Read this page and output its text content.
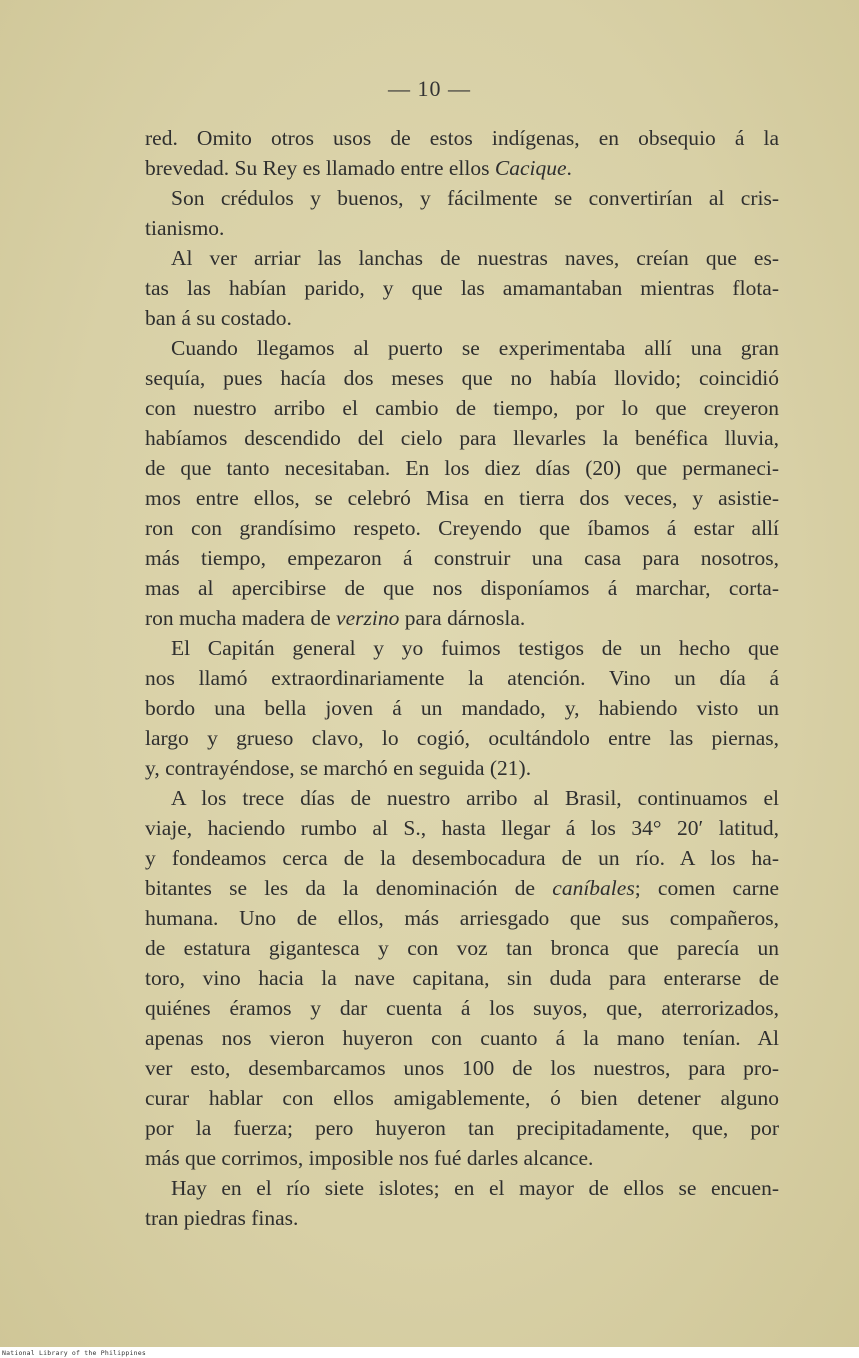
— 10 —
red. Omito otros usos de estos indígenas, en obsequio á la
brevedad. Su Rey es llamado entre ellos Cacique.
Son crédulos y buenos, y fácilmente se convertirían al cris-
tianismo.
Al ver arriar las lanchas de nuestras naves, creían que es-
tas las habían parido, y que las amamantaban mientras flota-
ban á su costado.
Cuando llegamos al puerto se experimentaba allí una gran
sequía, pues hacía dos meses que no había llovido; coincidió
con nuestro arribo el cambio de tiempo, por lo que creyeron
habíamos descendido del cielo para llevarles la benéfica lluvia,
de que tanto necesitaban. En los diez días (20) que permaneci-
mos entre ellos, se celebró Misa en tierra dos veces, y asistie-
ron con grandísimo respeto. Creyendo que íbamos á estar allí
más tiempo, empezaron á construir una casa para nosotros,
mas al apercibirse de que nos disponíamos á marchar, corta-
ron mucha madera de verzino para dárnosla.
El Capitán general y yo fuimos testigos de un hecho que
nos llamó extraordinariamente la atención. Vino un día á
bordo una bella joven á un mandado, y, habiendo visto un
largo y grueso clavo, lo cogió, ocultándolo entre las piernas,
y, contrayéndose, se marchó en seguida (21).
A los trece días de nuestro arribo al Brasil, continuamos el
viaje, haciendo rumbo al S., hasta llegar á los 34° 20′ latitud,
y fondeamos cerca de la desembocadura de un río. A los ha-
bitantes se les da la denominación de caníbales; comen carne
humana. Uno de ellos, más arriesgado que sus compañeros,
de estatura gigantesca y con voz tan bronca que parecía un
toro, vino hacia la nave capitana, sin duda para enterarse de
quiénes éramos y dar cuenta á los suyos, que, aterrorizados,
apenas nos vieron huyeron con cuanto á la mano tenían. Al
ver esto, desembarcamos unos 100 de los nuestros, para pro-
curar hablar con ellos amigablemente, ó bien detener alguno
por la fuerza; pero huyeron tan precipitadamente, que, por
más que corrimos, imposible nos fué darles alcance.
Hay en el río siete islotes; en el mayor de ellos se encuen-
tran piedras finas.
National Library of the Philippines
